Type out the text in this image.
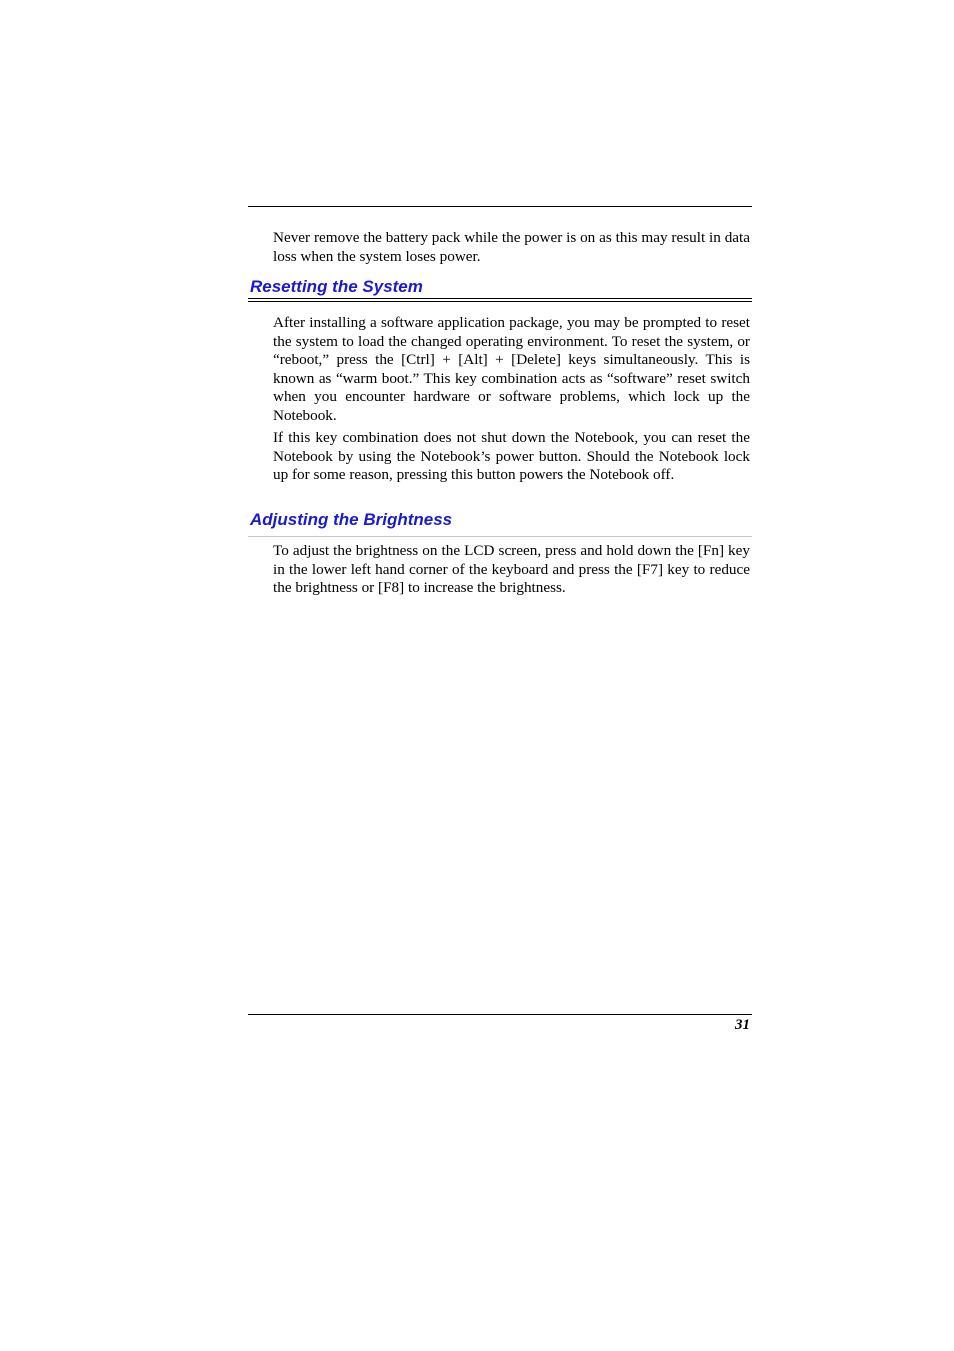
Never remove the battery pack while the power is on as this may result in data loss when the system loses power.

Resetting the System

After installing a software application package, you may be prompted to reset the system to load the changed operating environment. To reset the system, or “reboot,” press the [Ctrl] + [Alt] + [Delete] keys simultaneously. This is known as “warm boot.” This key combination acts as “software” reset switch when you encounter hardware or software problems, which lock up the Notebook.

If this key combination does not shut down the Notebook, you can reset the Notebook by using the Notebook’s power button. Should the Notebook lock up for some reason, pressing this button powers the Notebook off.

Adjusting the Brightness

To adjust the brightness on the LCD screen, press and hold down the [Fn] key in the lower left hand corner of the keyboard and press the [F7] key to reduce the brightness or [F8] to increase the brightness.

31
